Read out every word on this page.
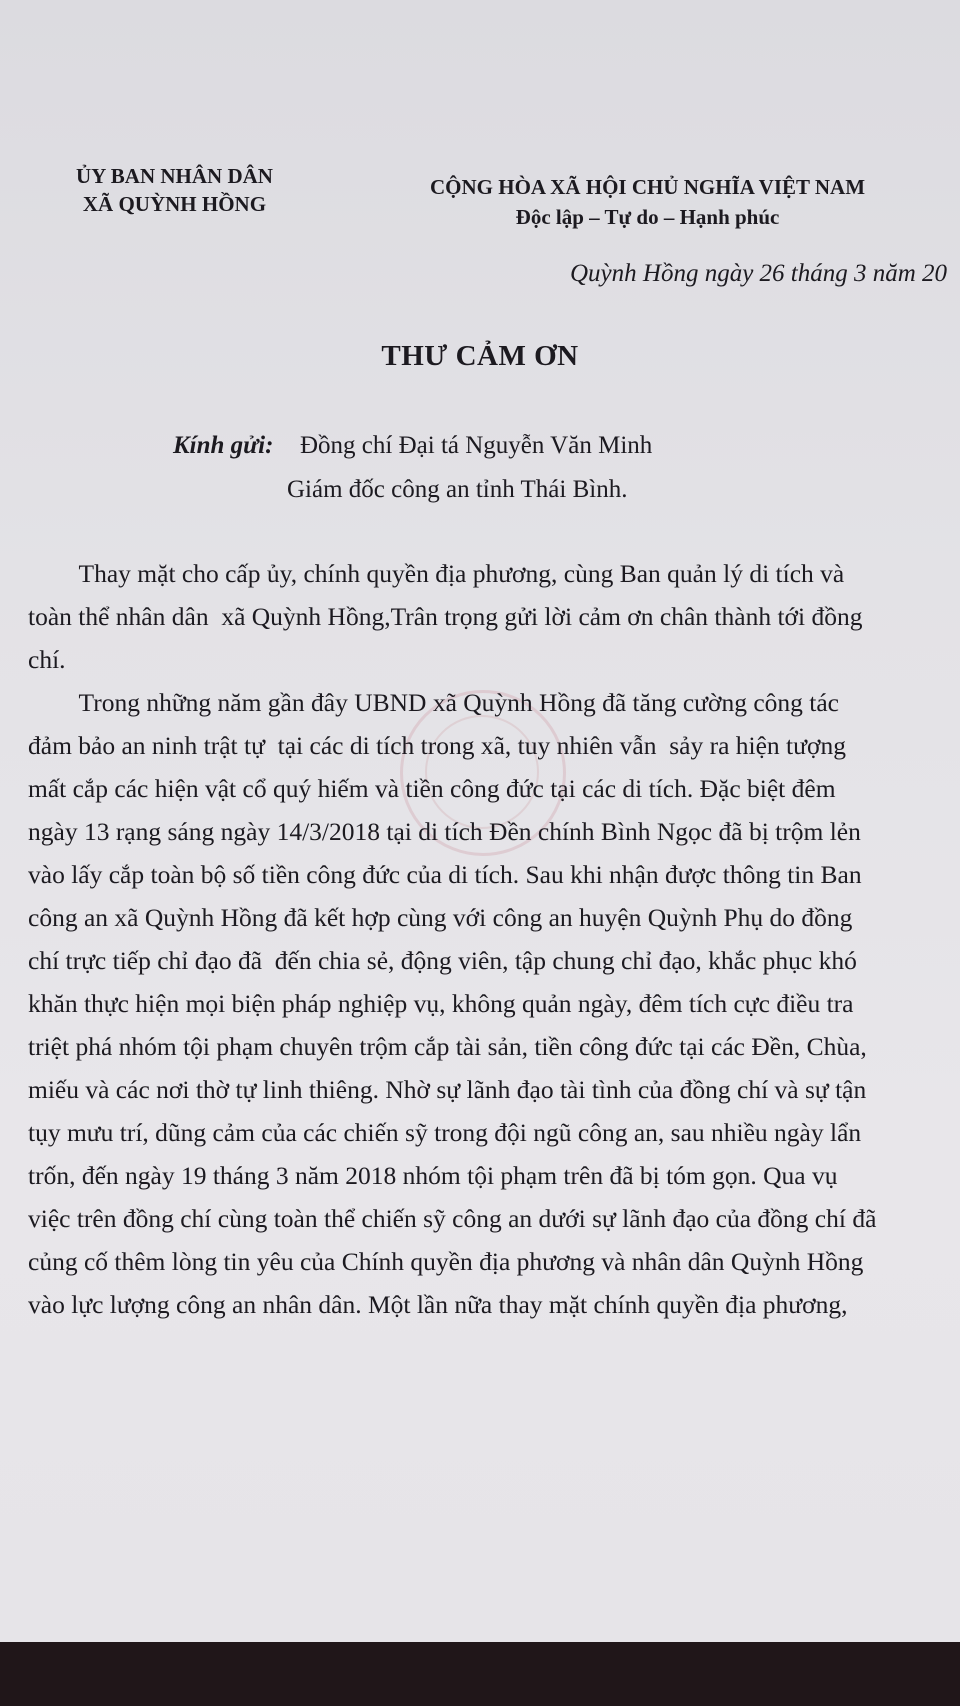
ỦY BAN NHÂN DÂN
XÃ QUỲNH HỒNG
CỘNG HÒA XÃ HỘI CHỦ NGHĨA VIỆT NAM
Độc lập – Tự do – Hạnh phúc
Quỳnh Hồng ngày 26 tháng 3 năm 20
THƯ CẢM ƠN
Kính gửi: Đồng chí Đại tá Nguyễn Văn Minh
Giám đốc công an tỉnh Thái Bình.
Thay mặt cho cấp ủy, chính quyền địa phương, cùng Ban quản lý di tích và
toàn thể nhân dân  xã Quỳnh Hồng,Trân trọng gửi lời cảm ơn chân thành tới đồng
chí.
Trong những năm gần đây UBND xã Quỳnh Hồng đã tăng cường công tác
đảm bảo an ninh trật tự  tại các di tích trong xã, tuy nhiên vẫn  sảy ra hiện tượng
mất cắp các hiện vật cổ quý hiếm và tiền công đức tại các di tích. Đặc biệt đêm
ngày 13 rạng sáng ngày 14/3/2018 tại di tích Đền chính Bình Ngọc đã bị trộm lẻn
vào lấy cắp toàn bộ số tiền công đức của di tích. Sau khi nhận được thông tin Ban
công an xã Quỳnh Hồng đã kết hợp cùng với công an huyện Quỳnh Phụ do đồng
chí trực tiếp chỉ đạo đã  đến chia sẻ, động viên, tập chung chỉ đạo, khắc phục khó
khăn thực hiện mọi biện pháp nghiệp vụ, không quản ngày, đêm tích cực điều tra
triệt phá nhóm tội phạm chuyên trộm cắp tài sản, tiền công đức tại các Đền, Chùa,
miếu và các nơi thờ tự linh thiêng. Nhờ sự lãnh đạo tài tình của đồng chí và sự tận
tụy mưu trí, dũng cảm của các chiến sỹ trong đội ngũ công an, sau nhiều ngày lẩn
trốn, đến ngày 19 tháng 3 năm 2018 nhóm tội phạm trên đã bị tóm gọn. Qua vụ
việc trên đồng chí cùng toàn thể chiến sỹ công an dưới sự lãnh đạo của đồng chí đã
củng cố thêm lòng tin yêu của Chính quyền địa phương và nhân dân Quỳnh Hồng
vào lực lượng công an nhân dân. Một lần nữa thay mặt chính quyền địa phương,
